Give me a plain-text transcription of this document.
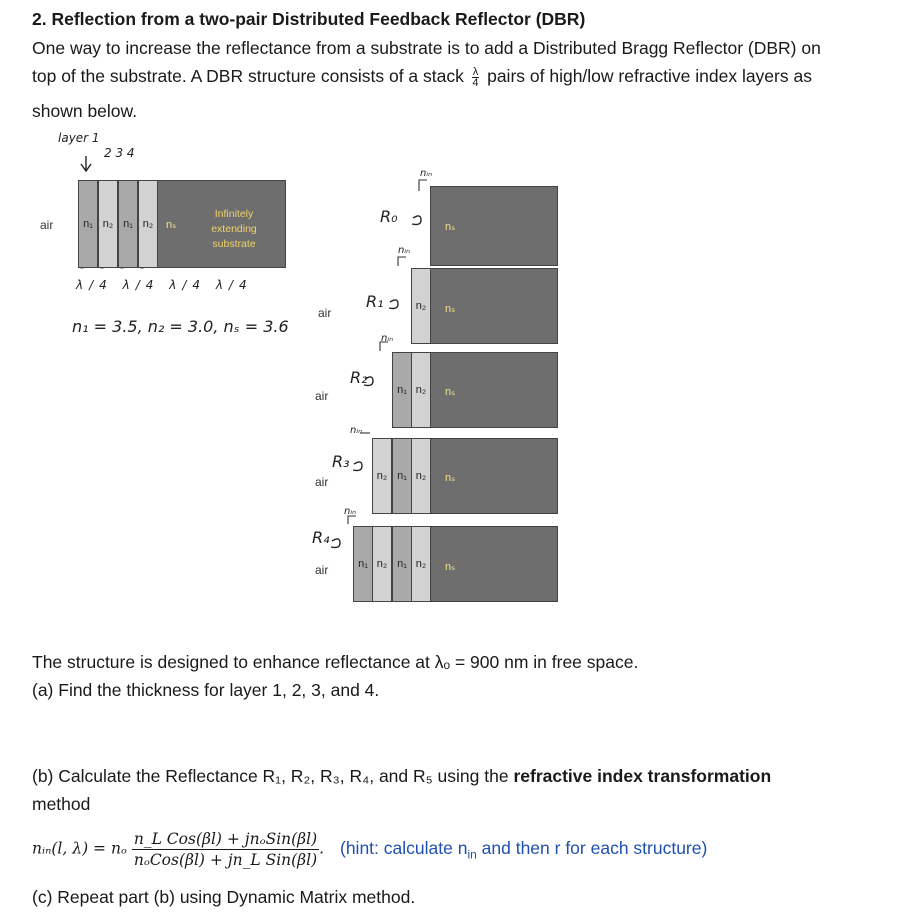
2. Reflection from a two-pair Distributed Feedback Reflector (DBR)
One way to increase the reflectance from a substrate is to add a Distributed Bragg Reflector (DBR) on
top of the substrate. A DBR structure consists of a stack $\frac{\lambda}{4}$ pairs of high/low refractive index layers as
shown below.
layer 1
2 3 4
air	n₁ n₂ n₁ n₂	nₛ
Infinitely
extending
substrate
λ/4 λ/4 λ/4 λ/4
n₁ = 3.5, n₂ = 3.0, nₛ = 3.6
nᵢₙ
R₀
nₛ
nᵢₙ
R₁
air	n₂	nₛ
nᵢₙ
R₂
air	n₁ n₂	nₛ
nᵢₙ
R₃
air	n₂ n₁ n₂	nₛ
nᵢₙ
R₄
air	n₁ n₂ n₁ n₂	nₛ
The structure is designed to enhance reflectance at λₒ = 900 nm in free space.
(a) Find the thickness for layer 1, 2, 3, and 4.
(b) Calculate the Reflectance R₁, R₂, R₃, R₄, and R₅ using the refractive index transformation
method
nᵢₙ(l, λ) = nₒ $\frac{\text{n\_L Cos(βl) + jnₒSin(βl)}}{\text{nₒCos(βl) + jn\_L Sin(βl)}}$ . (hint: calculate $n_{in}$ and then r for each structure)
(c) Repeat part (b) using Dynamic Matrix method.
